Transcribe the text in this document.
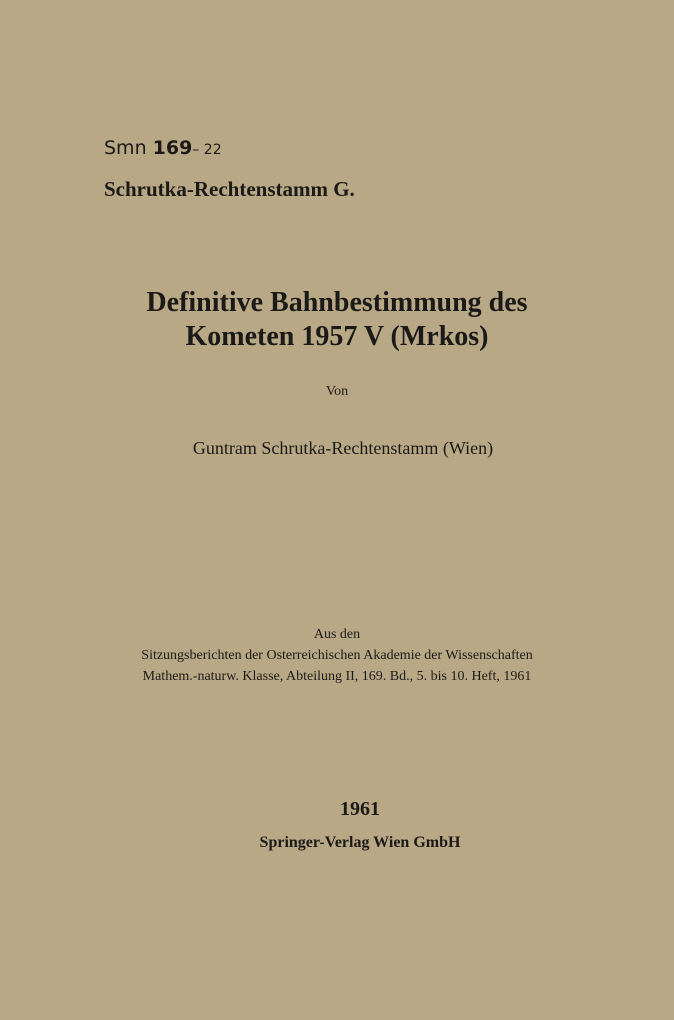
Smn 169– 22
Schrutka-Rechtenstamm G.
Definitive Bahnbestimmung des
Kometen 1957 V (Mrkos)
Von
Guntram Schrutka-Rechtenstamm (Wien)
Aus den
Sitzungsberichten der Osterreichischen Akademie der Wissenschaften
Mathem.-naturw. Klasse, Abteilung II, 169. Bd., 5. bis 10. Heft, 1961
1961
Springer-Verlag Wien GmbH
